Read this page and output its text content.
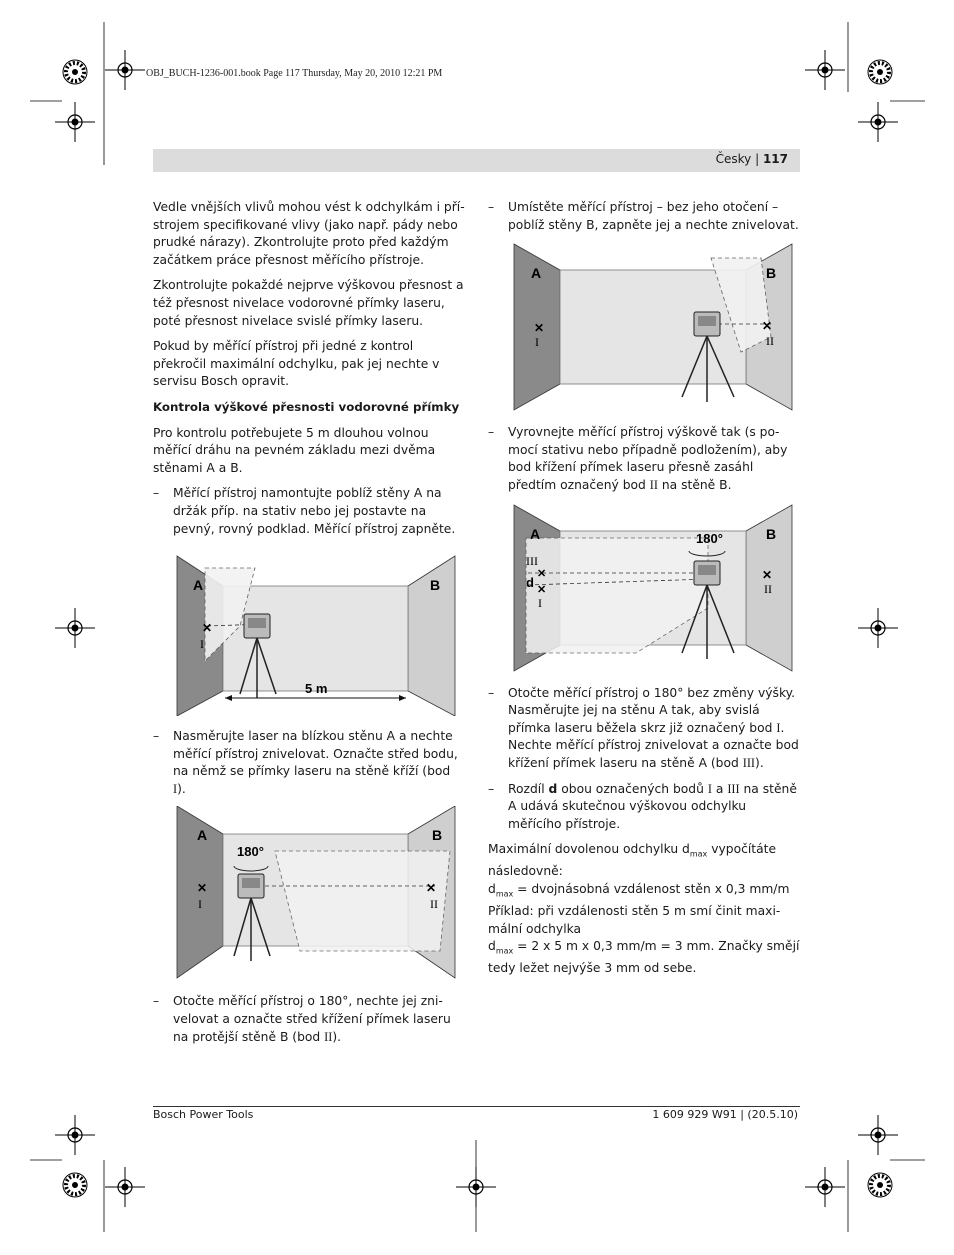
OBJ_BUCH-1236-001.book Page 117 Thursday, May 20, 2010 12:21 PM
Česky | 117

Vedle vnějších vlivů mohou vést k odchylkám i přístrojem specifikované vlivy (jako např. pády nebo prudké nárazy). Zkontrolujte proto před každým začátkem práce přesnost měřícího přístroje.

Zkontrolujte pokaždé nejprve výškovou přesnost a též přesnost nivelace vodorovné přímky laseru, poté přesnost nivelace svislé přímky laseru.

Pokud by měřící přístroj při jedné z kontrol překročil maximální odchylku, pak jej nechte v servisu Bosch opravit.

Kontrola výškové přesnosti vodorovné přímky

Pro kontrolu potřebujete 5 m dlouhou volnou měřící dráhu na pevném základu mezi dvěma stěnami A a B.

– Měřící přístroj namontujte poblíž stěny A na držák příp. na stativ nebo jej postavte na pevný, rovný podklad. Měřící přístroj zapněte.
A	B
✕
I
5 m
– Nasměrujte laser na blízkou stěnu A a nechte měřící přístroj znivelovat. Označte střed bodu, na němž se přímky laseru na stěně kříží (bod I).
180°
A	B
✕
I
✕
II
– Otočte měřící přístroj o 180°, nechte jej znivelovat a označte střed křížení přímek laseru na protější stěně B (bod II).
– Umístěte měřící přístroj – bez jeho otočení – poblíž stěny B, zapněte jej a nechte znivelovat.
A	B
✕
I
✕
II
– Vyrovnejte měřící přístroj výškově tak (s pomocí stativu nebo případně podložením), aby bod křížení přímek laseru přesně zasáhl předtím označený bod II na stěně B.
180°
A	B
III
d
✕
✕
I
✕
II
– Otočte měřící přístroj o 180° bez změny výšky. Nasměrujte jej na stěnu A tak, aby svislá přímka laseru běžela skrz již označený bod I. Nechte měřící přístroj znivelovat a označte bod křížení přímek laseru na stěně A (bod III).
– Rozdíl d obou označených bodů I a III na stěně A udává skutečnou výškovou odchylku měřícího přístroje.

Maximální dovolenou odchylku $d_{max}$ vypočítáte následovně:

$d_{max}$ = dvojnásobná vzdálenost stěn x 0,3 mm/m

Příklad: při vzdálenosti stěn 5 m smí činit maximální odchylka

$d_{max} = 2$ x 5 m x 0,3 mm/m = 3 mm. Značky smějí tedy ležet nejvýše 3 mm od sebe.

Bosch Power Tools	1 609 929 W91 | (20.5.10)
